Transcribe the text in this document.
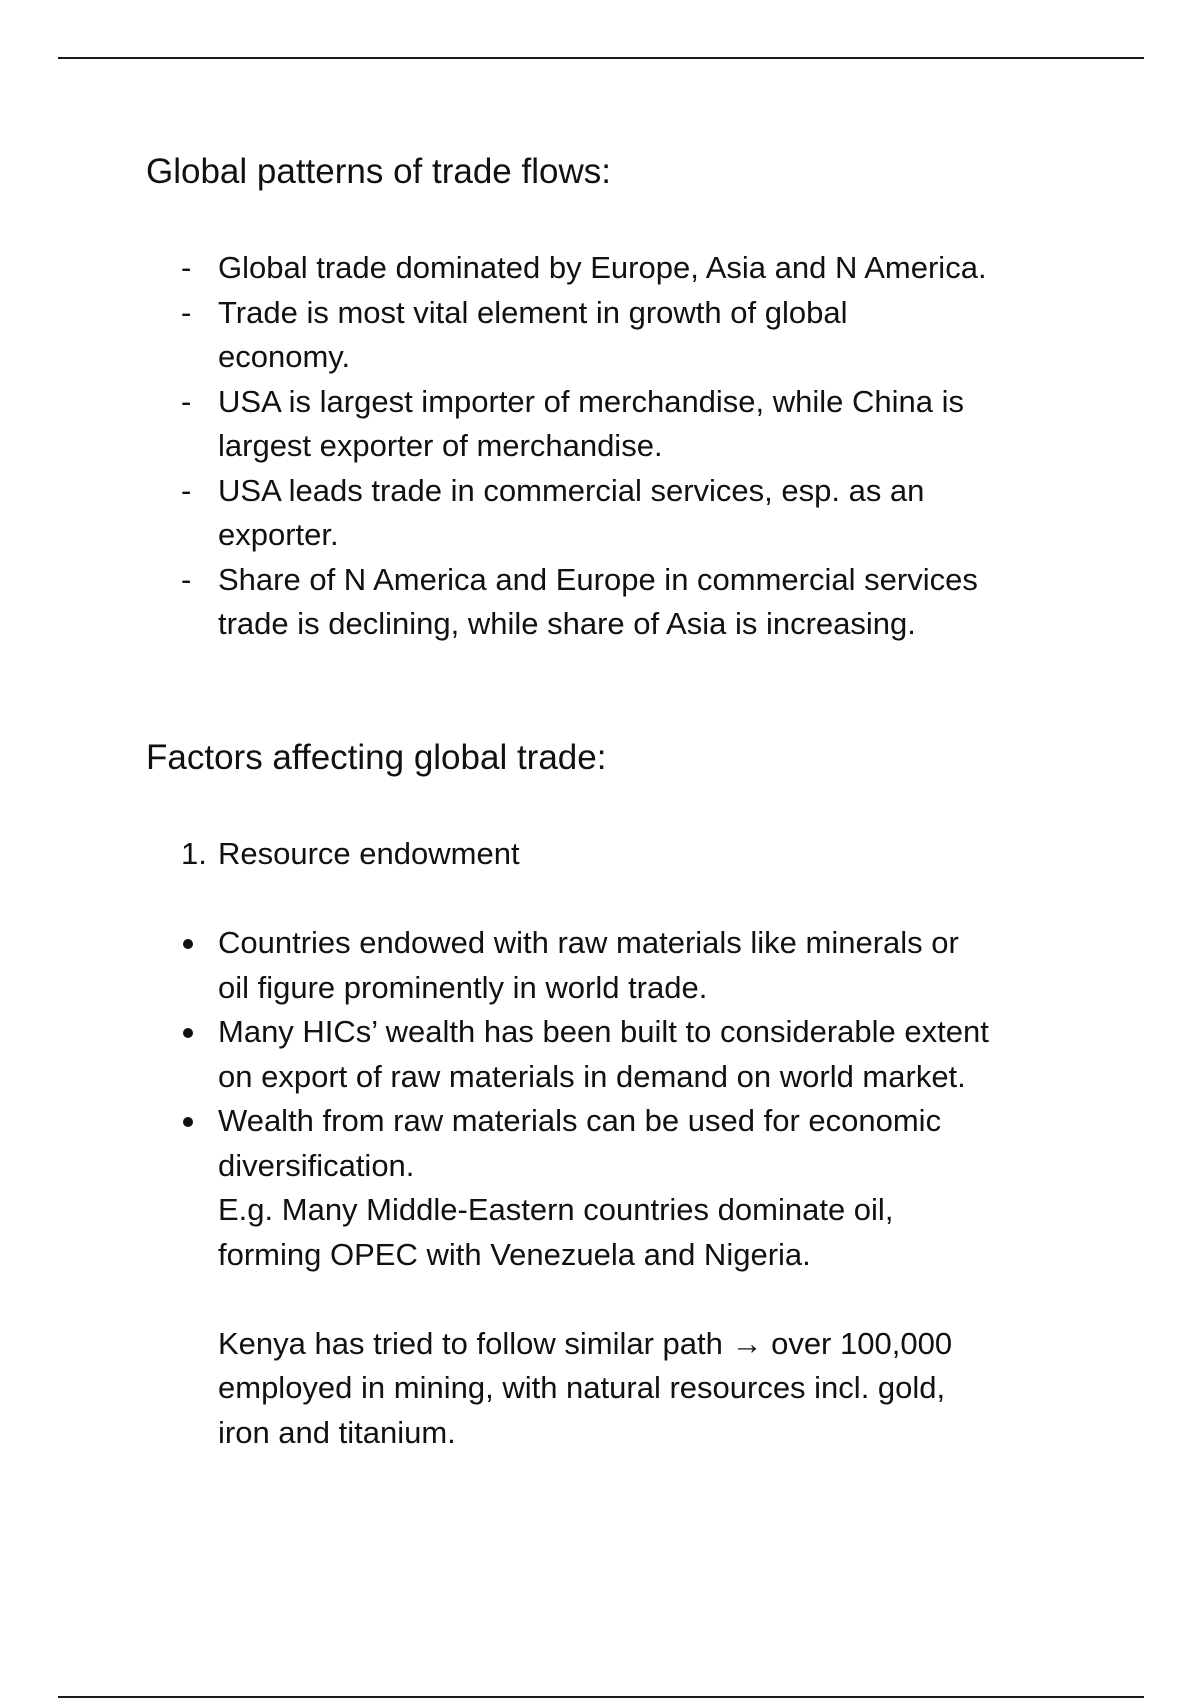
Global patterns of trade flows:
-
Global trade dominated by Europe, Asia and N America.
-
Trade is most vital element in growth of global
economy.
-
USA is largest importer of merchandise, while China is
largest exporter of merchandise.
-
USA leads trade in commercial services, esp. as an
exporter.
-
Share of N America and Europe in commercial services
trade is declining, while share of Asia is increasing.
Factors affecting global trade:
1. Resource endowment
Countries endowed with raw materials like minerals or
oil figure prominently in world trade.
Many HICs’ wealth has been built to considerable extent
on export of raw materials in demand on world market.
Wealth from raw materials can be used for economic
diversification.
E.g. Many Middle-Eastern countries dominate oil,
forming OPEC with Venezuela and Nigeria.
Kenya has tried to follow similar path → over 100,000
employed in mining, with natural resources incl. gold,
iron and titanium.
